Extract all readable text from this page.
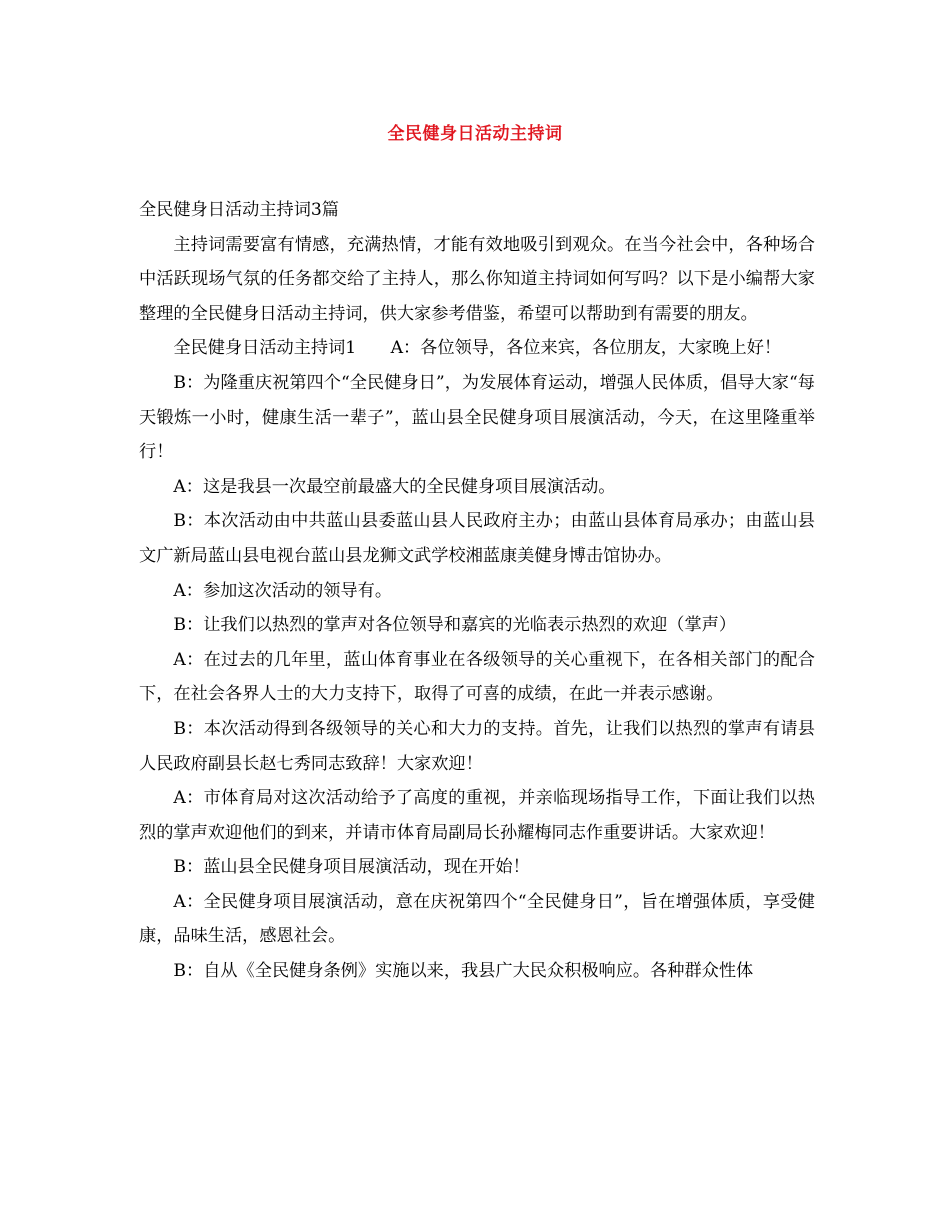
全民健身日活动主持词

全民健身日活动主持词3篇

主持词需要富有情感，充满热情，才能有效地吸引到观众。在当今社会中，各种场合中活跃现场气氛的任务都交给了主持人，那么你知道主持词如何写吗？以下是小编帮大家整理的全民健身日活动主持词，供大家参考借鉴，希望可以帮助到有需要的朋友。

全民健身日活动主持词1　　A：各位领导，各位来宾，各位朋友，大家晚上好！

B：为隆重庆祝第四个“全民健身日”，为发展体育运动，增强人民体质，倡导大家“每天锻炼一小时，健康生活一辈子”，蓝山县全民健身项目展演活动，今天，在这里隆重举行！

A：这是我县一次最空前最盛大的全民健身项目展演活动。

B：本次活动由中共蓝山县委蓝山县人民政府主办；由蓝山县体育局承办；由蓝山县文广新局蓝山县电视台蓝山县龙狮文武学校湘蓝康美健身博击馆协办。

A：参加这次活动的领导有。

B：让我们以热烈的掌声对各位领导和嘉宾的光临表示热烈的欢迎（掌声）

A：在过去的几年里，蓝山体育事业在各级领导的关心重视下，在各相关部门的配合下，在社会各界人士的大力支持下，取得了可喜的成绩，在此一并表示感谢。

B：本次活动得到各级领导的关心和大力的支持。首先，让我们以热烈的掌声有请县人民政府副县长赵七秀同志致辞！大家欢迎！

A：市体育局对这次活动给予了高度的重视，并亲临现场指导工作，下面让我们以热烈的掌声欢迎他们的到来，并请市体育局副局长孙耀梅同志作重要讲话。大家欢迎！

B：蓝山县全民健身项目展演活动，现在开始！

A：全民健身项目展演活动，意在庆祝第四个“全民健身日”，旨在增强体质，享受健康，品味生活，感恩社会。

B：自从《全民健身条例》实施以来，我县广大民众积极响应。各种群众性体
